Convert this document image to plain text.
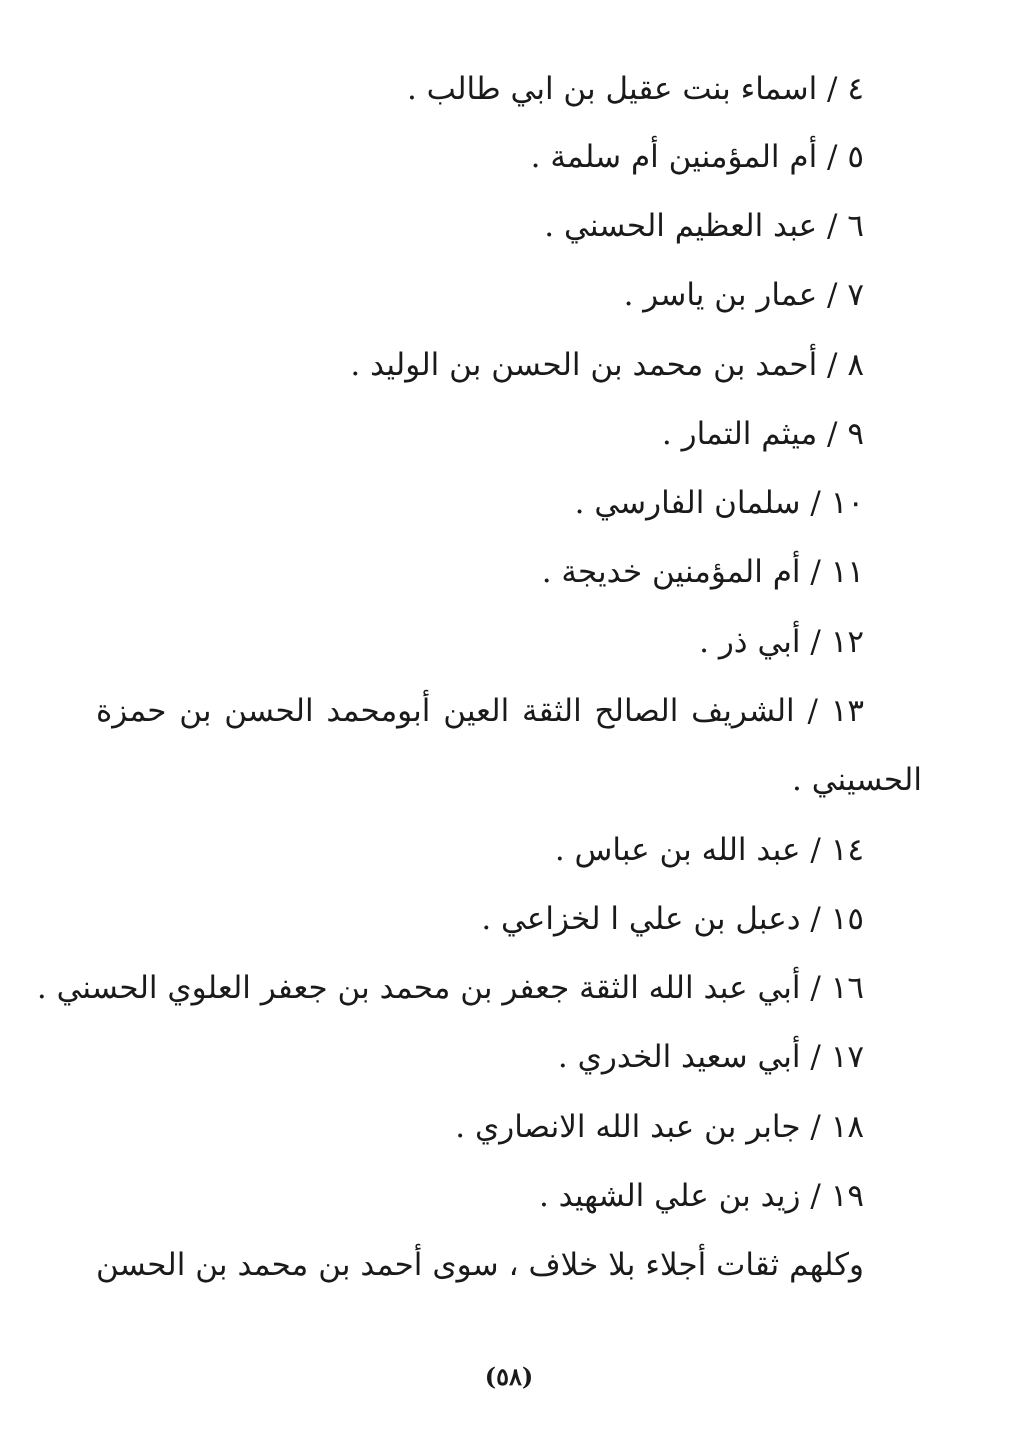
٤ / اسماء بنت عقيل بن ابي طالب .
٥ / أم المؤمنين أم سلمة .
٦ / عبد العظيم الحسني .
٧ / عمار بن ياسر .
٨ / أحمد بن محمد بن الحسن بن الوليد .
٩ / ميثم التمار .
١٠ / سلمان الفارسي .
١١ / أم المؤمنين خديجة .
١٢ / أبي ذر .
١٣ / الشريف الصالح الثقة العين أبومحمد الحسن بن حمزة
الحسيني .
١٤ / عبد الله بن عباس .
١٥ / دعبل بن علي ا لخزاعي .
١٦ / أبي عبد الله الثقة جعفر بن محمد بن جعفر العلوي الحسني .
١٧ / أبي سعيد الخدري .
١٨ / جابر بن عبد الله الانصاري .
١٩ / زيد بن علي الشهيد .
وكلهم ثقات أجلاء بلا خلاف ، سوى أحمد بن محمد بن الحسن
(٥٨)
